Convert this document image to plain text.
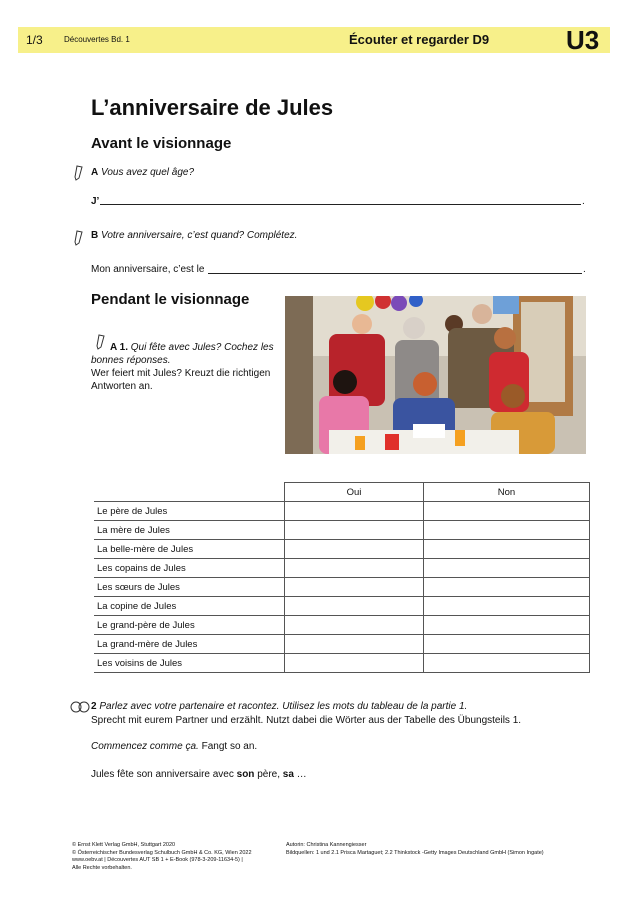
1/3	Découvertes Bd. 1	Écouter et regarder D9	U3
L’anniversaire de Jules
Avant le visionnage
A Vous avez quel âge?
J’	.
B Votre anniversaire, c’est quand? Complétez.
Mon anniversaire, c’est le	.
Pendant le visionnage
A 1. Qui fête avec Jules? Cochez les
bonnes réponses.
Wer feiert mit Jules? Kreuzt die richtigen
Antworten an.
	Oui	Non
Le père de Jules		
La mère de Jules		
La belle-mère de Jules		
Les copains de Jules		
Les sœurs de Jules		
La copine de Jules		
Le grand-père de Jules		
La grand-mère de Jules		
Les voisins de Jules		
2 Parlez avec votre partenaire et racontez. Utilisez les mots du tableau de la partie 1.
Sprecht mit eurem Partner und erzählt. Nutzt dabei die Wörter aus der Tabelle des Übungsteils 1.
Commencez comme ça. Fangt so an.
Jules fête son anniversaire avec son père, sa …
© Ernst Klett Verlag GmbH, Stuttgart 2020
© Österreichischer Bundesverlag Schulbuch GmbH & Co. KG, Wien 2022
www.oebv.at | Découvertes AUT SB 1 + E-Book (978-3-209-11634-5) |
Alle Rechte vorbehalten.
Autorin: Christina Kannengiesser
Bildquellen: 1 und 2.1 Prisca Martaguet; 2.2 Thinkstock -Getty Images Deutschland GmbH (Simon Ingate)
